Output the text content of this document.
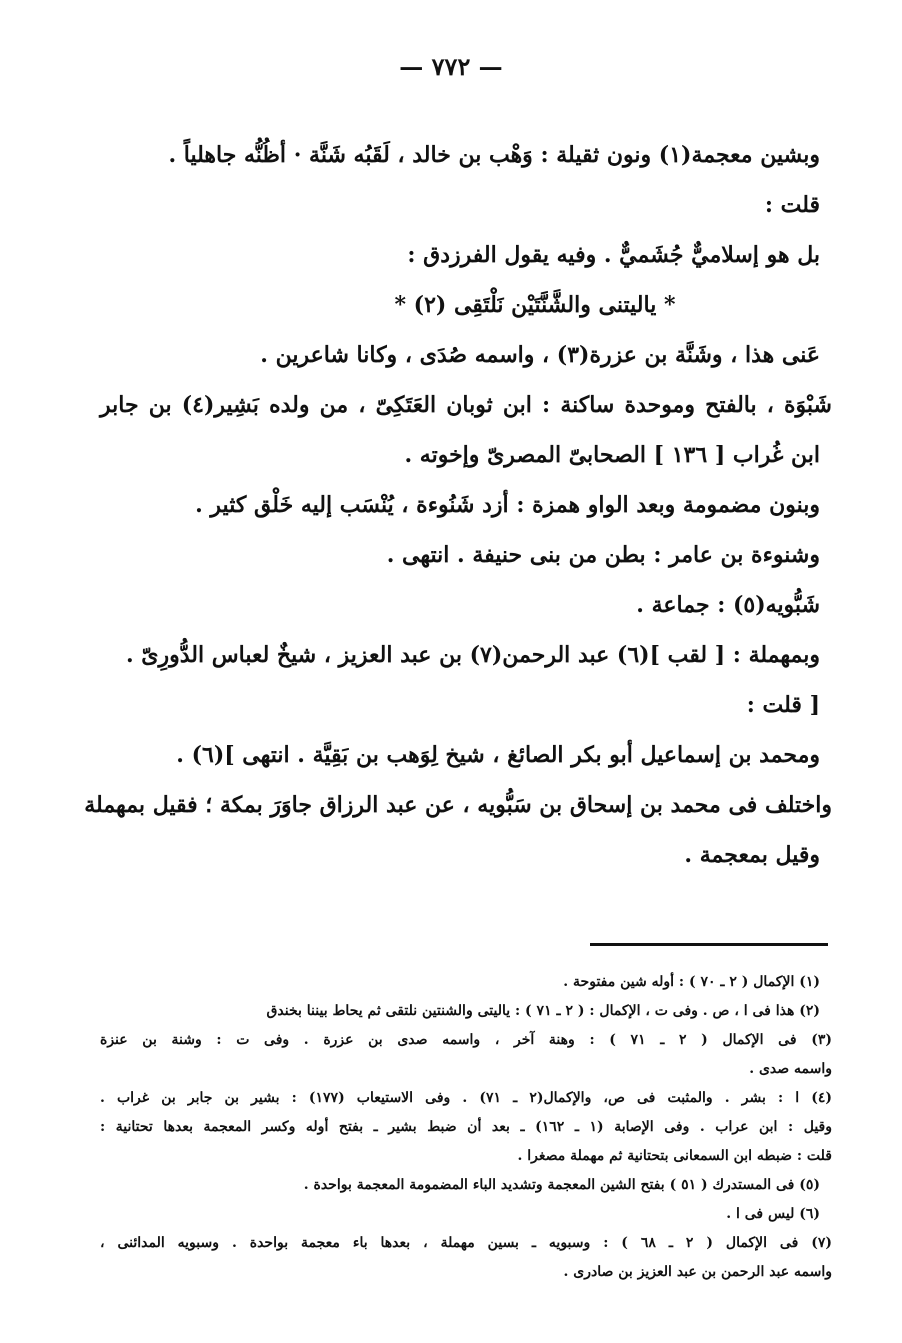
— ٧٧٢ —
وبشين معجمة(١) ونون ثقيلة : وَهْب بن خالد ، لَقَبُه شَنَّة · أظُنُّه جاهلياً .
قلت :
بل هو إسلاميٌّ جُشَميٌّ . وفيه يقول الفرزدق :
* ياليتنى والشَّنَّتَيْن نَلْتَقِى (٢) *
عَنى هذا ، وشَنَّة بن عزرة(٣) ، واسمه صُدَى ، وكانا شاعرين .
شَبْوَة ، بالفتح وموحدة ساكنة : ابن ثوبان العَتَكِىّ ، من ولده بَشِير(٤) بن جابر
ابن غُراب [ ١٣٦ ] الصحابىّ المصرىّ وإخوته .
وبنون مضمومة وبعد الواو همزة : أزد شَنُوءة ، يُنْسَب إليه خَلْق كثير .
وشنوءة بن عامر : بطن من بنى حنيفة . انتهى .
شَبُّويه(٥) : جماعة .
وبمهملة : [ لقب ](٦) عبد الرحمن(٧) بن عبد العزيز ، شيخٌ لعباس الدُّورِىّ .
[ قلت :
ومحمد بن إسماعيل أبو بكر الصائغ ، شيخ لِوَهب بن بَقِيَّة . انتهى ](٦) .
واختلف فى محمد بن إسحاق بن سَبُّويه ، عن عبد الرزاق جاوَرَ بمكة ؛ فقيل بمهملة
وقيل بمعجمة .
(١) الإكمال ( ٢ ـ ٧٠ ) : أوله شين مفتوحة .
(٢) هذا فى ا ، ص . وفى ت ، الإكمال : ( ٢ ـ ٧١ ) : ياليتى والشنتين نلتقى ثم يحاط بيننا بخندق
(٣) فى الإكمال ( ٢ ـ ٧١ ) : وهنة آخر ، واسمه صدى بن عزرة . وفى ت : وشنة بن عنزة
واسمه صدى .
(٤) ا : بشر . والمثبت فى ص، والإكمال(٢ ـ ٧١) . وفى الاستيعاب (١٧٧) : بشير بن جابر بن غراب .
وقيل : ابن عراب . وفى الإصابة (١ ـ ١٦٢) ـ بعد أن ضبط بشير ـ بفتح أوله وكسر المعجمة بعدها تحتانية :
قلت : ضبطه ابن السمعانى بتحتانية ثم مهملة مصغرا .
(٥) فى المستدرك ( ٥١ ) بفتح الشين المعجمة وتشديد الباء المضمومة المعجمة بواحدة .
(٦) ليس فى ا .
(٧) فى الإكمال ( ٢ ـ ٦٨ ) : وسبويه ـ بسين مهملة ، بعدها باء معجمة بواحدة . وسبويه المدائنى ،
واسمه عبد الرحمن بن عبد العزيز بن صادرى .
